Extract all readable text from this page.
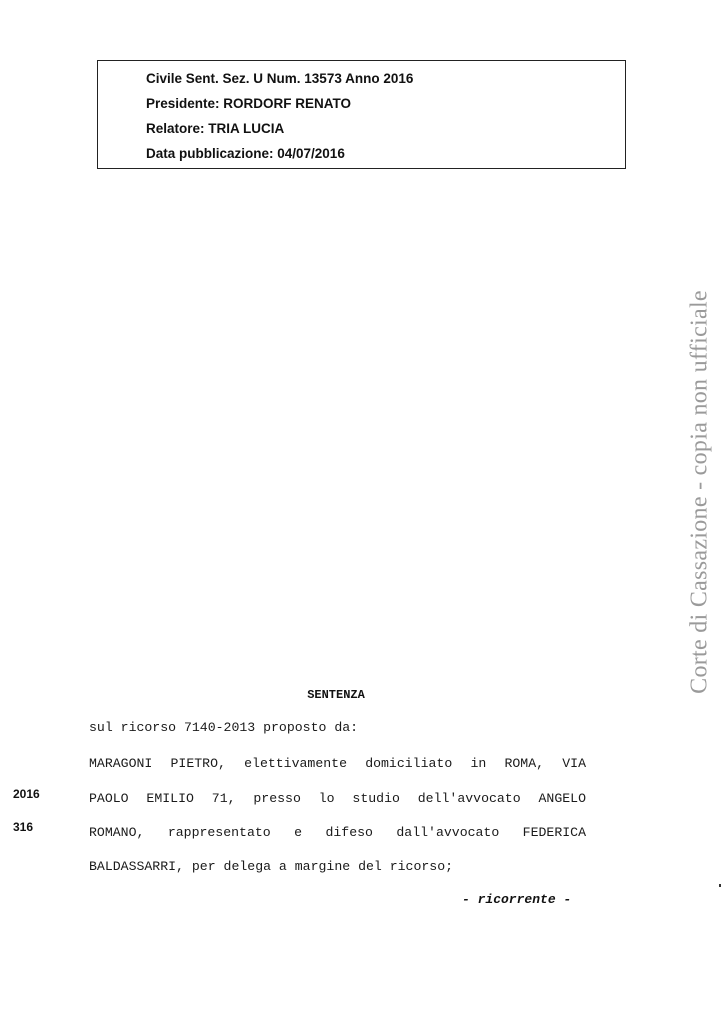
Civile Sent. Sez. U Num. 13573 Anno 2016
Presidente: RORDORF RENATO
Relatore: TRIA LUCIA
Data pubblicazione: 04/07/2016
Corte di Cassazione - copia non ufficiale
SENTENZA
sul ricorso 7140-2013 proposto da:
MARAGONI PIETRO, elettivamente domiciliato in ROMA, VIA
PAOLO EMILIO 71, presso lo studio dell'avvocato ANGELO
ROMANO, rappresentato e difeso dall'avvocato FEDERICA
BALDASSARRI, per delega a margine del ricorso;
2016
316
- ricorrente -
